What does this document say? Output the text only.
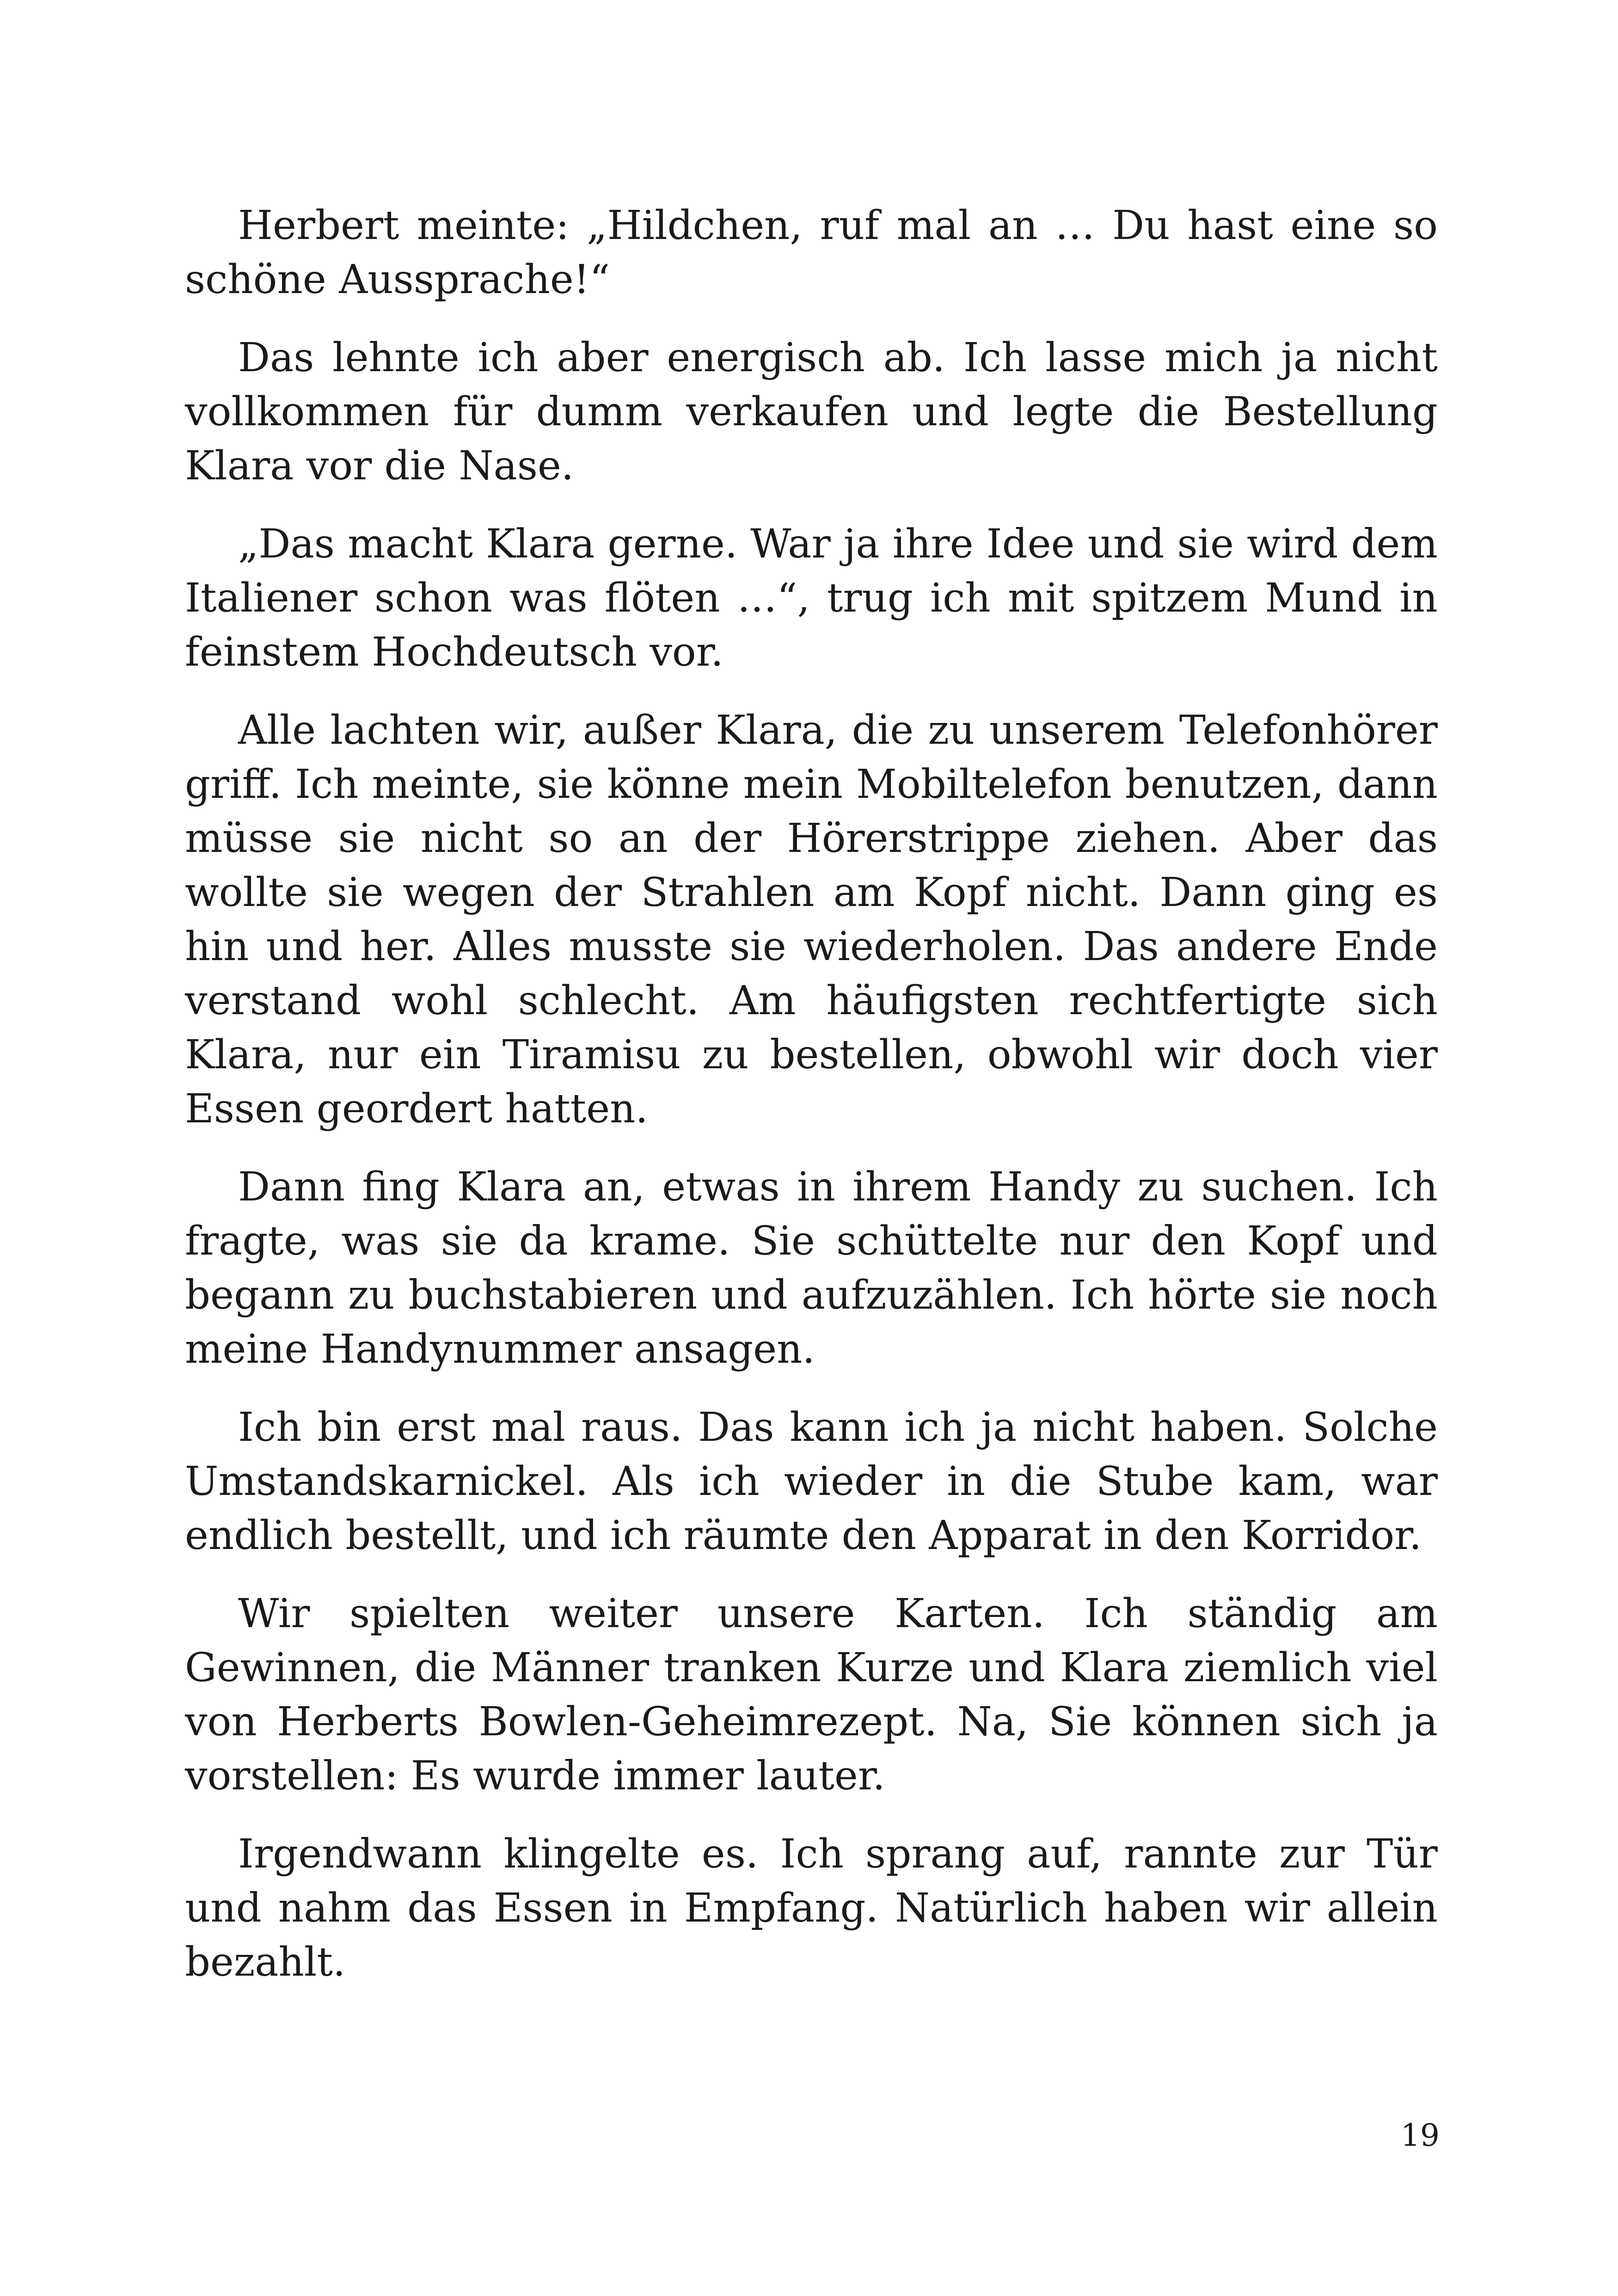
Herbert meinte: „Hildchen, ruf mal an … Du hast eine so schöne Aussprache!“

Das lehnte ich aber energisch ab. Ich lasse mich ja nicht vollkommen für dumm verkaufen und legte die Bestellung Klara vor die Nase.

„Das macht Klara gerne. War ja ihre Idee und sie wird dem Italiener schon was flöten …“, trug ich mit spitzem Mund in feinstem Hochdeutsch vor.

Alle lachten wir, außer Klara, die zu unserem Telefonhörer griff. Ich meinte, sie könne mein Mobiltelefon benutzen, dann müsse sie nicht so an der Hörerstrippe ziehen. Aber das wollte sie wegen der Strahlen am Kopf nicht. Dann ging es hin und her. Alles musste sie wiederholen. Das andere Ende verstand wohl schlecht. Am häufigsten rechtfertigte sich Klara, nur ein Tiramisu zu bestellen, obwohl wir doch vier Essen geordert hatten.

Dann fing Klara an, etwas in ihrem Handy zu suchen. Ich fragte, was sie da krame. Sie schüttelte nur den Kopf und begann zu buchstabieren und aufzuzählen. Ich hörte sie noch meine Handynummer ansagen.

Ich bin erst mal raus. Das kann ich ja nicht haben. Solche Umstandskarnickel. Als ich wieder in die Stube kam, war endlich bestellt, und ich räumte den Apparat in den Korridor.

Wir spielten weiter unsere Karten. Ich ständig am Gewinnen, die Männer tranken Kurze und Klara ziemlich viel von Herberts Bowlen-Geheimrezept. Na, Sie können sich ja vorstellen: Es wurde immer lauter.

Irgendwann klingelte es. Ich sprang auf, rannte zur Tür und nahm das Essen in Empfang. Natürlich haben wir allein bezahlt.

19
